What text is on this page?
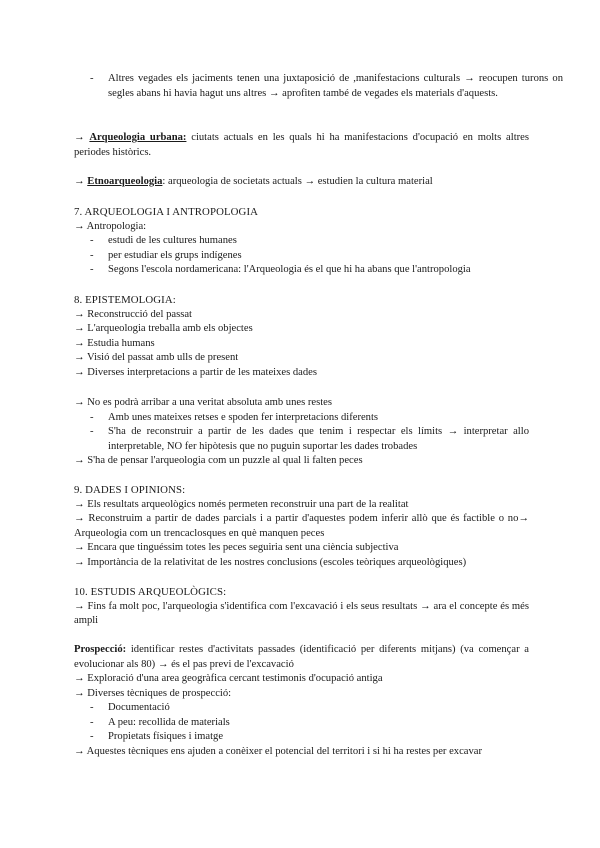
- Altres vegades els jaciments tenen una juxtaposició de ,manifestacions culturals → reocupen turons on segles abans hi havia hagut uns altres → aprofiten també de vegades els materials d'aquests.
→ Arqueologia urbana: ciutats actuals en les quals hi ha manifestacions d'ocupació en molts altres periodes històrics.
→ Etnoarqueologia: arqueologia de societats actuals → estudien la cultura material
7. ARQUEOLOGIA I ANTROPOLOGIA
→ Antropologia:
- estudi de les cultures humanes
- per estudiar els grups indígenes
- Segons l'escola nordamericana: l'Arqueologia és el que hi ha abans que l'antropologia
8. EPISTEMOLOGIA:
→ Reconstrucció del passat
→ L'arqueologia treballa amb els objectes
→ Estudia humans
→ Visió del passat amb ulls de present
→ Diverses interpretacions a partir de les mateixes dades
→ No es podrà arribar a una veritat absoluta amb unes restes
- Amb unes mateixes retses e spoden fer interpretacions diferents
- S'ha de reconstruir a partir de les dades que tenim i respectar els límits → interpretar allo interpretable, NO fer hipòtesis que no puguin suportar les dades trobades
→ S'ha de pensar l'arqueologia com un puzzle al qual li falten peces
9. DADES I OPINIONS:
→ Els resultats arqueològics només permeten reconstruir una part de la realitat
→ Reconstruim a partir de dades parcials i a partir d'aquestes podem inferir allò que és factible o no→ Arqueologia com un trencaclosques en què manquen peces
→ Encara que tinguéssim totes les peces seguiria sent una ciència subjectiva
→ Importància de la relativitat de les nostres conclusions (escoles teòriques arqueològiques)
10. ESTUDIS ARQUEOLÒGICS:
→ Fins fa molt poc, l'arqueologia s'identifica com l'excavació i els seus resultats → ara el concepte és més ampli
Prospecció: identificar restes d'activitats passades (identificació per diferents mitjans) (va començar a evolucionar als 80) → és el pas previ de l'excavació
→ Exploració d'una area geogràfica cercant testimonis d'ocupació antiga
→ Diverses tècniques de prospecció:
- Documentació
- A peu: recollida de materials
- Propietats físiques i imatge
→ Aquestes tècniques ens ajuden a conèixer el potencial del territori i si hi ha restes per excavar
